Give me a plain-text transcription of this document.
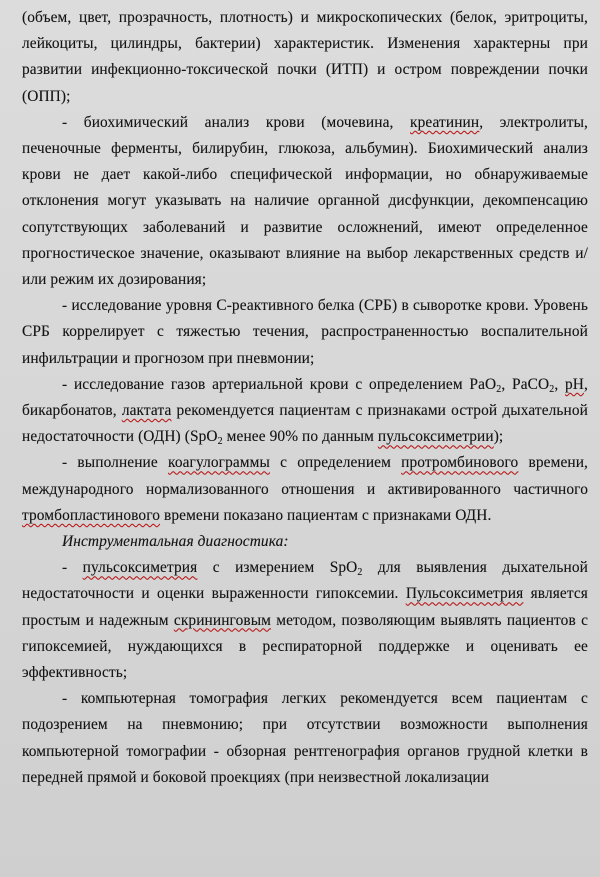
(объем, цвет, прозрачность, плотность) и микроскопических (белок, эритроциты, лейкоциты, цилиндры, бактерии) характеристик. Изменения характерны при развитии инфекционно-токсической почки (ИТП) и остром повреждении почки (ОПП);

- биохимический анализ крови (мочевина, креатинин, электролиты, печеночные ферменты, билирубин, глюкоза, альбумин). Биохимический анализ крови не дает какой-либо специфической информации, но обнаруживаемые отклонения могут указывать на наличие органной дисфункции, декомпенсацию сопутствующих заболеваний и развитие осложнений, имеют определенное прогностическое значение, оказывают влияние на выбор лекарственных средств и/или режим их дозирования;

- исследование уровня С-реактивного белка (СРБ) в сыворотке крови. Уровень СРБ коррелирует с тяжестью течения, распространенностью воспалительной инфильтрации и прогнозом при пневмонии;

- исследование газов артериальной крови с определением PaO2, PaCO2, pH, бикарбонатов, лактата рекомендуется пациентам с признаками острой дыхательной недостаточности (ОДН) (SpO2 менее 90% по данным пульсоксиметрии);

- выполнение коагулограммы с определением протромбинового времени, международного нормализованного отношения и активированного частичного тромбопластинового времени показано пациентам с признаками ОДН.

Инструментальная диагностика:

- пульсоксиметрия с измерением SpO2 для выявления дыхательной недостаточности и оценки выраженности гипоксемии. Пульсоксиметрия является простым и надежным скрининговым методом, позволяющим выявлять пациентов с гипоксемией, нуждающихся в респираторной поддержке и оценивать ее эффективность;

- компьютерная томография легких рекомендуется всем пациентам с подозрением на пневмонию; при отсутствии возможности выполнения компьютерной томографии - обзорная рентгенография органов грудной клетки в передней прямой и боковой проекциях (при неизвестной локализации
